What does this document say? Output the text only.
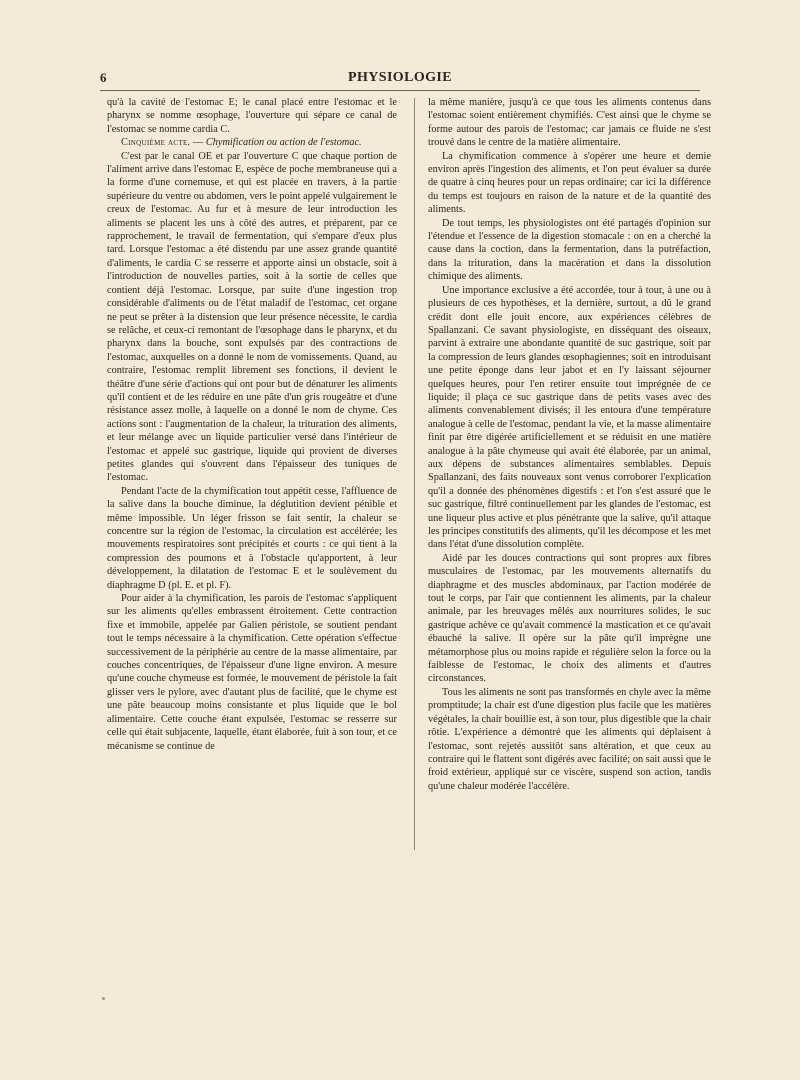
6	PHYSIOLOGIE

qu'à la cavité de l'estomac E; le canal placé entre l'estomac et le pharynx se nomme œsophage, l'ouverture qui sépare ce canal de l'estomac se nomme cardia C.

Cinquième acte. — Chymification ou action de l'estomac.

C'est par le canal OE et par l'ouverture C que chaque portion de l'aliment arrive dans l'estomac E, espèce de poche membraneuse qui a la forme d'une cornemuse, et qui est placée en travers, à la partie supérieure du ventre ou abdomen, vers le point appelé vulgairement le creux de l'estomac. Au fur et à mesure de leur introduction les aliments se placent les uns à côté des autres, et préparent, par ce rapprochement, le travail de fermentation, qui s'empare d'eux plus tard. Lorsque l'estomac a été distendu par une assez grande quantité d'aliments, le cardia C se resserre et apporte ainsi un obstacle, soit à l'introduction de nouvelles parties, soit à la sortie de celles que contient déjà l'estomac. Lorsque, par suite d'une ingestion trop considérable d'aliments ou de l'état maladif de l'estomac, cet organe ne peut se prêter à la distension que leur présence nécessite, le cardia se relâche, et ceux-ci remontant de l'œsophage dans le pharynx, et du pharynx dans la bouche, sont expulsés par des contractions de l'estomac, auxquelles on a donné le nom de vomissements. Quand, au contraire, l'estomac remplit librement ses fonctions, il devient le théâtre d'une série d'actions qui ont pour but de dénaturer les aliments qu'il contient et de les réduire en une pâte d'un gris rougeâtre et d'une résistance assez molle, à laquelle on a donné le nom de chyme. Ces actions sont : l'augmentation de la chaleur, la trituration des aliments, et leur mélange avec un liquide particulier versé dans l'intérieur de l'estomac et appelé suc gastrique, liquide qui provient de diverses petites glandes qui s'ouvrent dans l'épaisseur des tuniques de l'estomac.

Pendant l'acte de la chymification tout appétit cesse, l'affluence de la salive dans la bouche diminue, la déglutition devient pénible et même impossible. Un léger frisson se fait sentir, la chaleur se concentre sur la région de l'estomac, la circulation est accélérée; les mouvements respiratoires sont précipités et courts : ce qui tient à la compression des poumons et à l'obstacle qu'apportent, à leur développement, la dilatation de l'estomac E et le soulèvement du diaphragme D (pl. E. et pl. F).

Pour aider à la chymification, les parois de l'estomac s'appliquent sur les aliments qu'elles embrassent étroitement. Cette contraction fixe et immobile, appelée par Galien péristole, se soutient pendant tout le temps nécessaire à la chymification. Cette opération s'effectue successivement de la périphérie au centre de la masse alimentaire, par couches concentriques, de l'épaisseur d'une ligne environ. A mesure qu'une couche chymeuse est formée, le mouvement de péristole la fait glisser vers le pylore, avec d'autant plus de facilité, que le chyme est une pâte beaucoup moins consistante et plus liquide que le bol alimentaire. Cette couche étant expulsée, l'estomac se resserre sur celle qui était subjacente, laquelle, étant élaborée, fuit à son tour, et ce mécanisme se continue de

la même manière, jusqu'à ce que tous les aliments contenus dans l'estomac soient entièrement chymifiés. C'est ainsi que le chyme se forme autour des parois de l'estomac; car jamais ce fluide ne s'est trouvé dans le centre de la matière alimentaire.

La chymification commence à s'opérer une heure et demie environ après l'ingestion des aliments, et l'on peut évaluer sa durée de quatre à cinq heures pour un repas ordinaire; car ici la différence du temps est toujours en raison de la nature et de la quantité des aliments.

De tout temps, les physiologistes ont été partagés d'opinion sur l'étendue et l'essence de la digestion stomacale : on en a cherché la cause dans la coction, dans la fermentation, dans la putréfaction, dans la trituration, dans la macération et dans la dissolution chimique des aliments.

Une importance exclusive a été accordée, tour à tour, à une ou à plusieurs de ces hypothèses, et la dernière, surtout, a dû le grand crédit dont elle jouit encore, aux expériences célèbres de Spallanzani. Ce savant physiologiste, en disséquant des oiseaux, parvint à extraire une abondante quantité de suc gastrique, soit par la compression de leurs glandes œsophagiennes; soit en introduisant une petite éponge dans leur jabot et en l'y laissant séjourner quelques heures, pour l'en retirer ensuite tout imprégnée de ce liquide; il plaça ce suc gastrique dans de petits vases avec des aliments convenablement divisés; il les entoura d'une température analogue à celle de l'estomac, pendant la vie, et la masse alimentaire finit par être digérée artificiellement et se réduisit en une matière analogue à la pâte chymeuse qui avait été élaborée, par un animal, aux dépens de substances alimentaires semblables. Depuis Spallanzani, des faits nouveaux sont venus corroborer l'explication qu'il a donnée des phénomènes digestifs : et l'on s'est assuré que le suc gastrique, filtré continuellement par les glandes de l'estomac, est une liqueur plus active et plus pénétrante que la salive, qu'il attaque les principes constitutifs des aliments, qu'il les décompose et les met dans l'état d'une dissolution complète.

Aidé par les douces contractions qui sont propres aux fibres musculaires de l'estomac, par les mouvements alternatifs du diaphragme et des muscles abdominaux, par l'action modérée de tout le corps, par l'air que contiennent les aliments, par la chaleur animale, par les breuvages mêlés aux nourritures solides, le suc gastrique achève ce qu'avait commencé la mastication et ce qu'avait ébauché la salive. Il opère sur la pâte qu'il imprègne une métamorphose plus ou moins rapide et régulière selon la force ou la faiblesse de l'estomac, le choix des aliments et d'autres circonstances.

Tous les aliments ne sont pas transformés en chyle avec la même promptitude; la chair est d'une digestion plus facile que les matières végétales, la chair bouillie est, à son tour, plus digestible que la chair rôtie. L'expérience a démontré que les aliments qui déplaisent à l'estomac, sont rejetés aussitôt sans altération, et que ceux au contraire qui le flattent sont digérés avec facilité; on sait aussi que le froid extérieur, appliqué sur ce viscère, suspend son action, tandis qu'une chaleur modérée l'accélère.
